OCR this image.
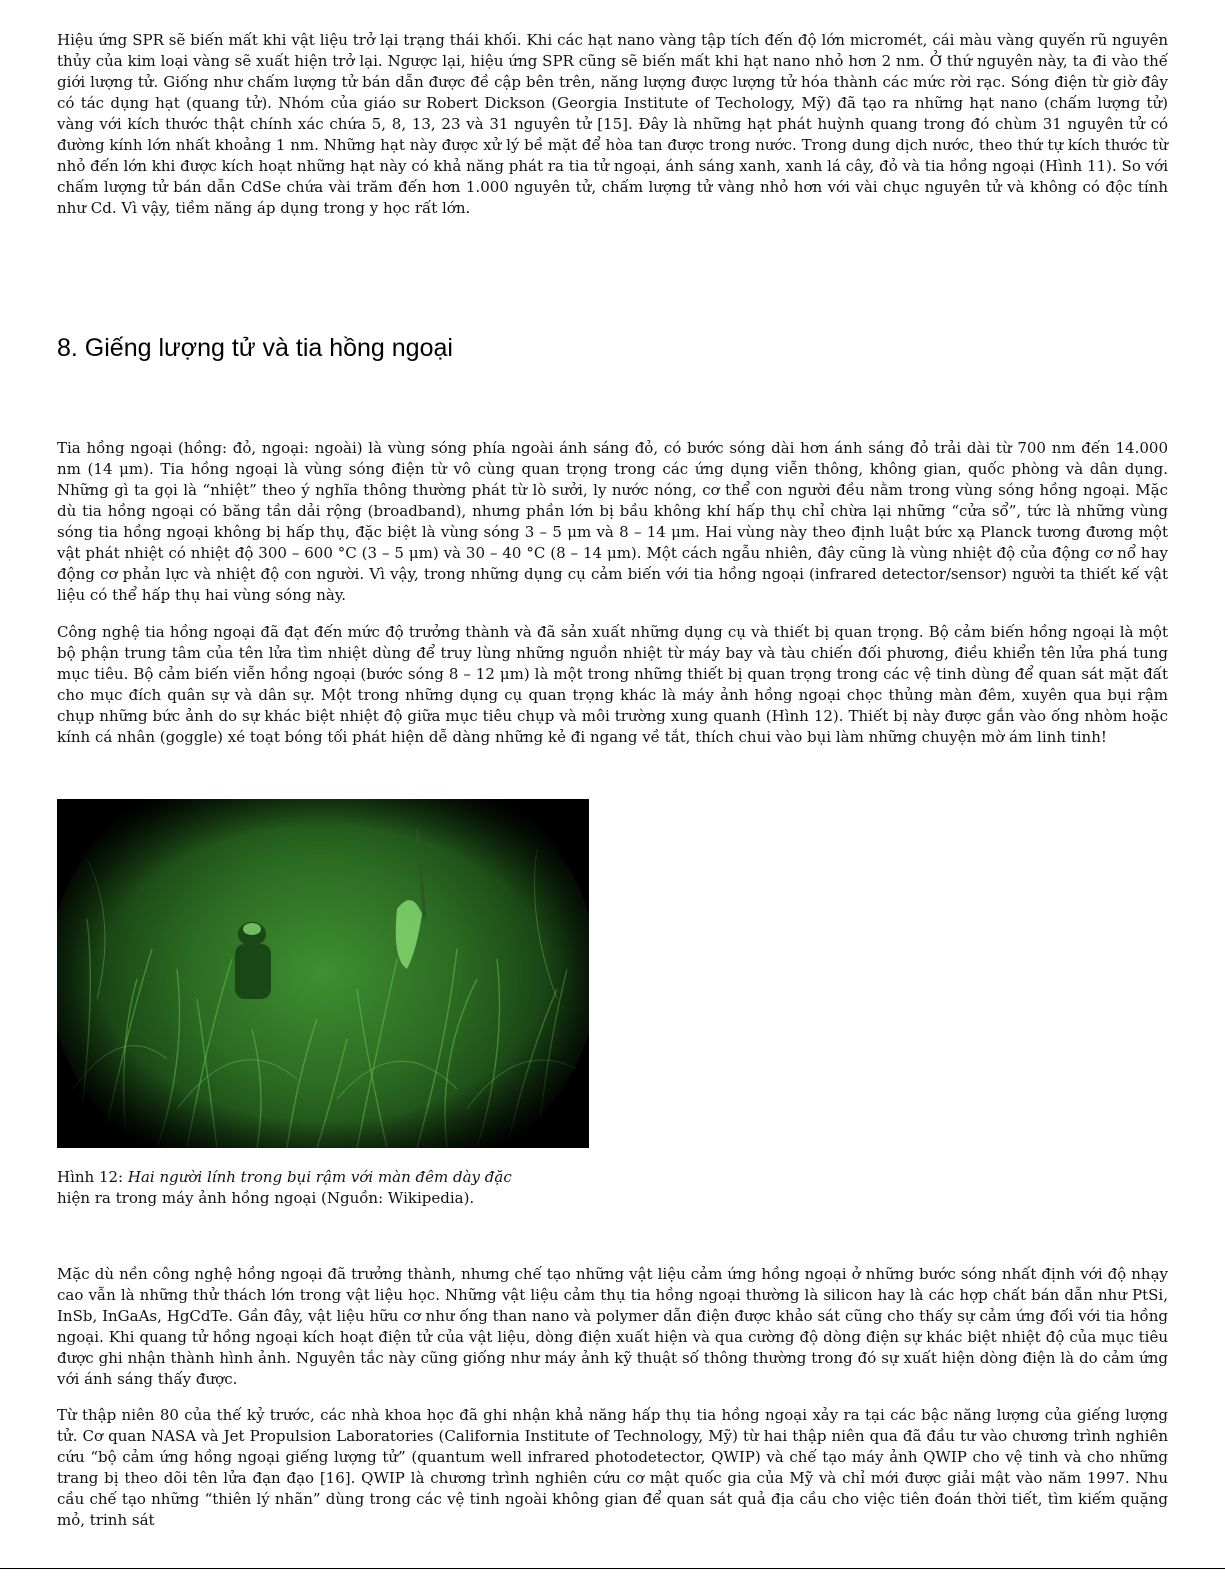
Hiệu ứng SPR sẽ biến mất khi vật liệu trở lại trạng thái khối. Khi các hạt nano vàng tập tích đến độ lớn micromét, cái màu vàng quyến rũ nguyên thủy của kim loại vàng sẽ xuất hiện trở lại. Ngược lại, hiệu ứng SPR cũng sẽ biến mất khi hạt nano nhỏ hơn 2 nm. Ở thứ nguyên này, ta đi vào thế giới lượng tử. Giống như chấm lượng tử bán dẫn được đề cập bên trên, năng lượng được lượng tử hóa thành các mức rời rạc. Sóng điện từ giờ đây có tác dụng hạt (quang tử). Nhóm của giáo sư Robert Dickson (Georgia Institute of Techology, Mỹ) đã tạo ra những hạt nano (chấm lượng tử) vàng với kích thước thật chính xác chứa 5, 8, 13, 23 và 31 nguyên tử [15]. Đây là những hạt phát huỳnh quang trong đó chùm 31 nguyên tử có đường kính lớn nhất khoảng 1 nm. Những hạt này được xử lý bề mặt để hòa tan được trong nước. Trong dung dịch nước, theo thứ tự kích thước từ nhỏ đến lớn khi được kích hoạt những hạt này có khả năng phát ra tia tử ngoại, ánh sáng xanh, xanh lá cây, đỏ và tia hồng ngoại (Hình 11). So với chấm lượng tử bán dẫn CdSe chứa vài trăm đến hơn 1.000 nguyên tử, chấm lượng tử vàng nhỏ hơn với vài chục nguyên tử và không có độc tính như Cd. Vì vậy, tiềm năng áp dụng trong y học rất lớn.

8. Giếng lượng tử và tia hồng ngoại

Tia hồng ngoại (hồng: đỏ, ngoại: ngoài) là vùng sóng phía ngoài ánh sáng đỏ, có bước sóng dài hơn ánh sáng đỏ trải dài từ 700 nm đến 14.000 nm (14 μm). Tia hồng ngoại là vùng sóng điện từ vô cùng quan trọng trong các ứng dụng viễn thông, không gian, quốc phòng và dân dụng. Những gì ta gọi là “nhiệt” theo ý nghĩa thông thường phát từ lò sưởi, ly nước nóng, cơ thể con người đều nằm trong vùng sóng hồng ngoại. Mặc dù tia hồng ngoại có băng tần dải rộng (broadband), nhưng phần lớn bị bầu không khí hấp thụ chỉ chừa lại những “cửa sổ”, tức là những vùng sóng tia hồng ngoại không bị hấp thụ, đặc biệt là vùng sóng 3 – 5 μm và 8 – 14 μm. Hai vùng này theo định luật bức xạ Planck tương đương một vật phát nhiệt có nhiệt độ 300 – 600 °C (3 – 5 μm) và 30 – 40 °C (8 – 14 μm). Một cách ngẫu nhiên, đây cũng là vùng nhiệt độ của động cơ nổ hay động cơ phản lực và nhiệt độ con người. Vì vậy, trong những dụng cụ cảm biến với tia hồng ngoại (infrared detector/sensor) người ta thiết kế vật liệu có thể hấp thụ hai vùng sóng này.

Công nghệ tia hồng ngoại đã đạt đến mức độ trưởng thành và đã sản xuất những dụng cụ và thiết bị quan trọng. Bộ cảm biến hồng ngoại là một bộ phận trung tâm của tên lửa tìm nhiệt dùng để truy lùng những nguồn nhiệt từ máy bay và tàu chiến đối phương, điều khiển tên lửa phá tung mục tiêu. Bộ cảm biến viễn hồng ngoại (bước sóng 8 – 12 μm) là một trong những thiết bị quan trọng trong các vệ tinh dùng để quan sát mặt đất cho mục đích quân sự và dân sự. Một trong những dụng cụ quan trọng khác là máy ảnh hồng ngoại chọc thủng màn đêm, xuyên qua bụi rậm chụp những bức ảnh do sự khác biệt nhiệt độ giữa mục tiêu chụp và môi trường xung quanh (Hình 12). Thiết bị này được gắn vào ống nhòm hoặc kính cá nhân (goggle) xé toạt bóng tối phát hiện dễ dàng những kẻ đi ngang về tắt, thích chui vào bụi làm những chuyện mờ ám linh tinh!

Hình 12: Hai người lính trong bụi rậm với màn đêm dày đặc
hiện ra trong máy ảnh hồng ngoại (Nguồn: Wikipedia).

Mặc dù nền công nghệ hồng ngoại đã trưởng thành, nhưng chế tạo những vật liệu cảm ứng hồng ngoại ở những bước sóng nhất định với độ nhạy cao vẫn là những thử thách lớn trong vật liệu học. Những vật liệu cảm thụ tia hồng ngoại thường là silicon hay là các hợp chất bán dẫn như PtSi, InSb, InGaAs, HgCdTe. Gần đây, vật liệu hữu cơ như ống than nano và polymer dẫn điện được khảo sát cũng cho thấy sự cảm ứng đối với tia hồng ngoại. Khi quang tử hồng ngoại kích hoạt điện tử của vật liệu, dòng điện xuất hiện và qua cường độ dòng điện sự khác biệt nhiệt độ của mục tiêu được ghi nhận thành hình ảnh. Nguyên tắc này cũng giống như máy ảnh kỹ thuật số thông thường trong đó sự xuất hiện dòng điện là do cảm ứng với ánh sáng thấy được.

Từ thập niên 80 của thế kỷ trước, các nhà khoa học đã ghi nhận khả năng hấp thụ tia hồng ngoại xảy ra tại các bậc năng lượng của giếng lượng tử. Cơ quan NASA và Jet Propulsion Laboratories (California Institute of Technology, Mỹ) từ hai thập niên qua đã đầu tư vào chương trình nghiên cứu “bộ cảm ứng hồng ngoại giếng lượng tử” (quantum well infrared photodetector, QWIP) và chế tạo máy ảnh QWIP cho vệ tinh và cho những trang bị theo dõi tên lửa đạn đạo [16]. QWIP là chương trình nghiên cứu cơ mật quốc gia của Mỹ và chỉ mới được giải mật vào năm 1997. Nhu cầu chế tạo những “thiên lý nhãn” dùng trong các vệ tinh ngoài không gian để quan sát quả địa cầu cho việc tiên đoán thời tiết, tìm kiếm quặng mỏ, trinh sát
